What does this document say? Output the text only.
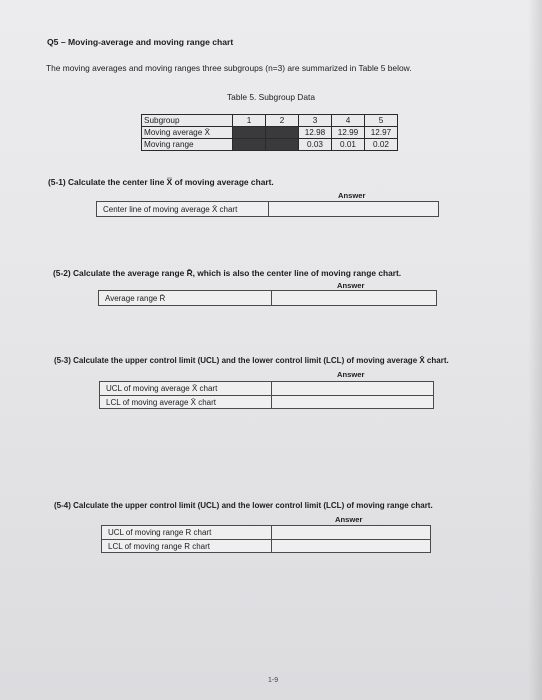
Q5 – Moving-average and moving range chart
The moving averages and moving ranges three subgroups (n=3) are summarized in Table 5 below.
Table 5. Subgroup Data
Subgroup	1	2	3	4	5
Moving average X̄			12.98	12.99	12.97
Moving range			0.03	0.01	0.02
(5-1) Calculate the center line X̿ of moving average chart.
Answer
Center line of moving average X̄ chart
(5-2) Calculate the average range R̄, which is also the center line of moving range chart.
Answer
Average range R̄
(5-3) Calculate the upper control limit (UCL) and the lower control limit (LCL) of moving average X̄ chart.
Answer
UCL of moving average X̄ chart
LCL of moving average X̄ chart
(5-4) Calculate the upper control limit (UCL) and the lower control limit (LCL) of moving range chart.
Answer
UCL of moving range R chart
LCL of moving range R chart
1-9
